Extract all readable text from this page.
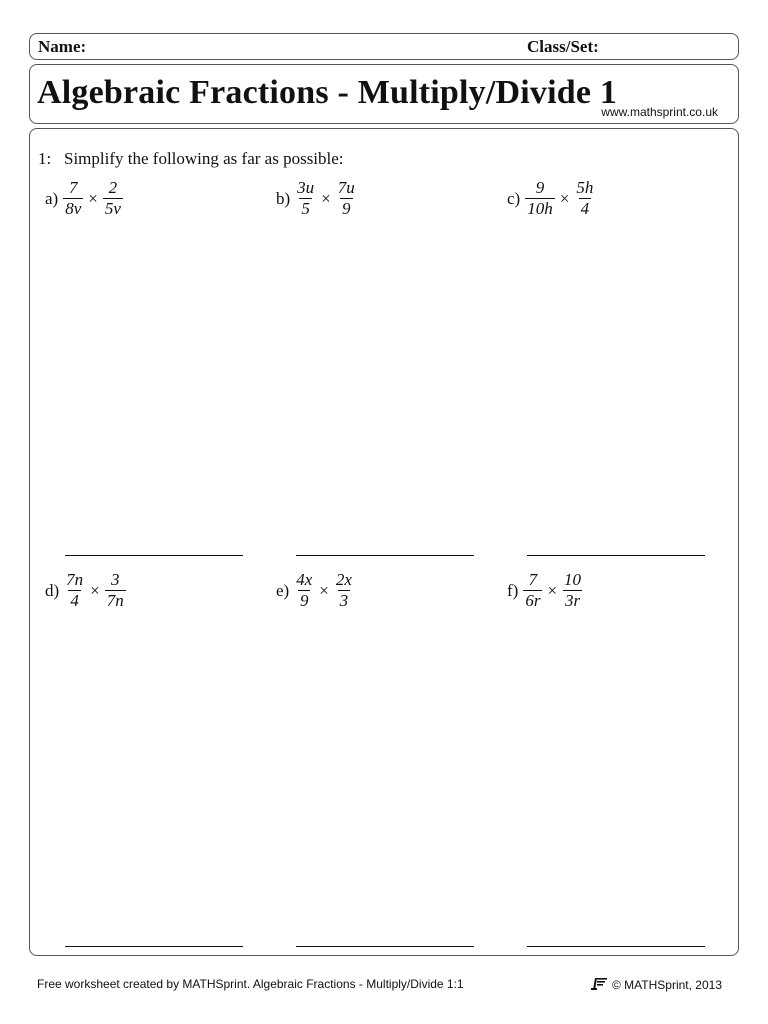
Name:	Class/Set:
Algebraic Fractions - Multiply/Divide 1
www.mathsprint.co.uk
1: Simplify the following as far as possible:
$a) \frac{7}{8v} \times \frac{2}{5v}$	$b) \frac{3u}{5} \times \frac{7u}{9}$	$c) \frac{9}{10h} \times \frac{5h}{4}$
$d) \frac{7n}{4} \times \frac{3}{7n}$	$e) \frac{4x}{9} \times \frac{2x}{3}$	$f) \frac{7}{6r} \times \frac{10}{3r}$
Free worksheet created by MATHSprint. Algebraic Fractions - Multiply/Divide 1:1	© MATHSprint, 2013
